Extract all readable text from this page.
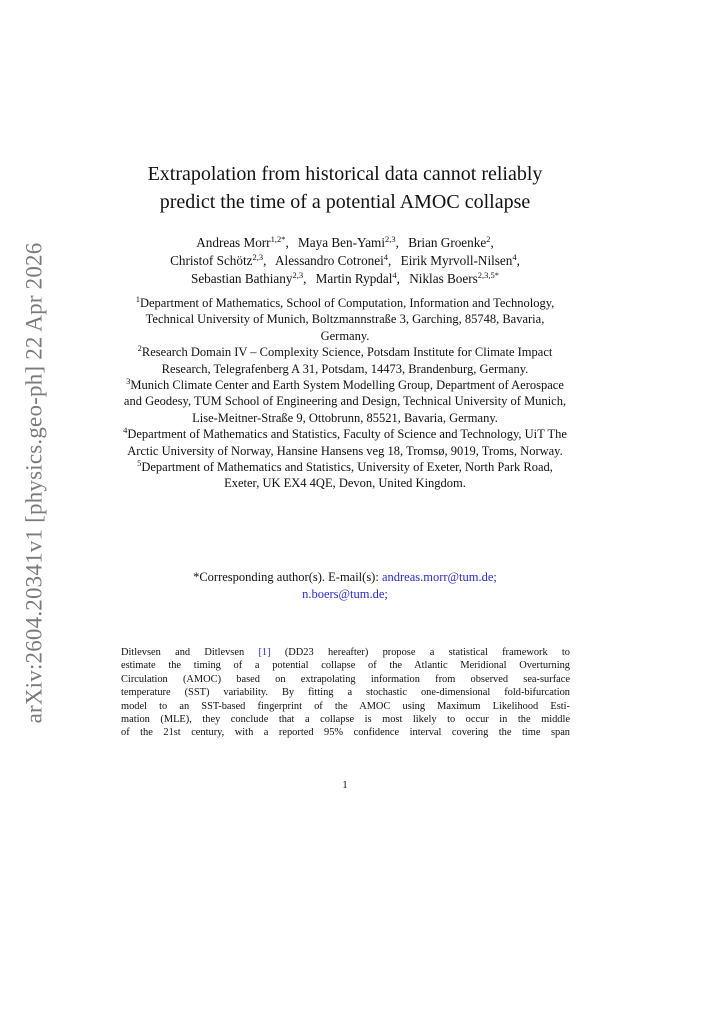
arXiv:2604.20341v1 [physics.geo-ph] 22 Apr 2026
Extrapolation from historical data cannot reliably
predict the time of a potential AMOC collapse
Andreas Morr$^{1,2*}$, Maya Ben-Yami$^{2,3}$, Brian Groenke$^2$,
Christof Schötz$^{2,3}$, Alessandro Cotronei$^4$, Eirik Myrvoll-Nilsen$^4$,
Sebastian Bathiany$^{2,3}$, Martin Rypdal$^4$, Niklas Boers$^{2,3,5*}$

$^1$Department of Mathematics, School of Computation, Information and Technology, Technical University of Munich, Boltzmannstraße 3, Garching, 85748, Bavaria, Germany.

$^2$Research Domain IV – Complexity Science, Potsdam Institute for Climate Impact Research, Telegrafenberg A 31, Potsdam, 14473, Brandenburg, Germany.

$^3$Munich Climate Center and Earth System Modelling Group, Department of Aerospace and Geodesy, TUM School of Engineering and Design, Technical University of Munich, Lise-Meitner-Straße 9, Ottobrunn, 85521, Bavaria, Germany.

$^4$Department of Mathematics and Statistics, Faculty of Science and Technology, UiT The Arctic University of Norway, Hansine Hansens veg 18, Tromsø, 9019, Troms, Norway.

$^5$Department of Mathematics and Statistics, University of Exeter, North Park Road, Exeter, UK EX4 4QE, Devon, United Kingdom.

*Corresponding author(s). E-mail(s): andreas.morr@tum.de;
n.boers@tum.de;
Ditlevsen and Ditlevsen [1] (DD23 hereafter) propose a statistical framework to
estimate the timing of a potential collapse of the Atlantic Meridional Overturning
Circulation (AMOC) based on extrapolating information from observed sea-surface
temperature (SST) variability. By fitting a stochastic one-dimensional fold-bifurcation
model to an SST-based fingerprint of the AMOC using Maximum Likelihood Esti-
mation (MLE), they conclude that a collapse is most likely to occur in the middle
of the 21st century, with a reported 95% confidence interval covering the time span
1
